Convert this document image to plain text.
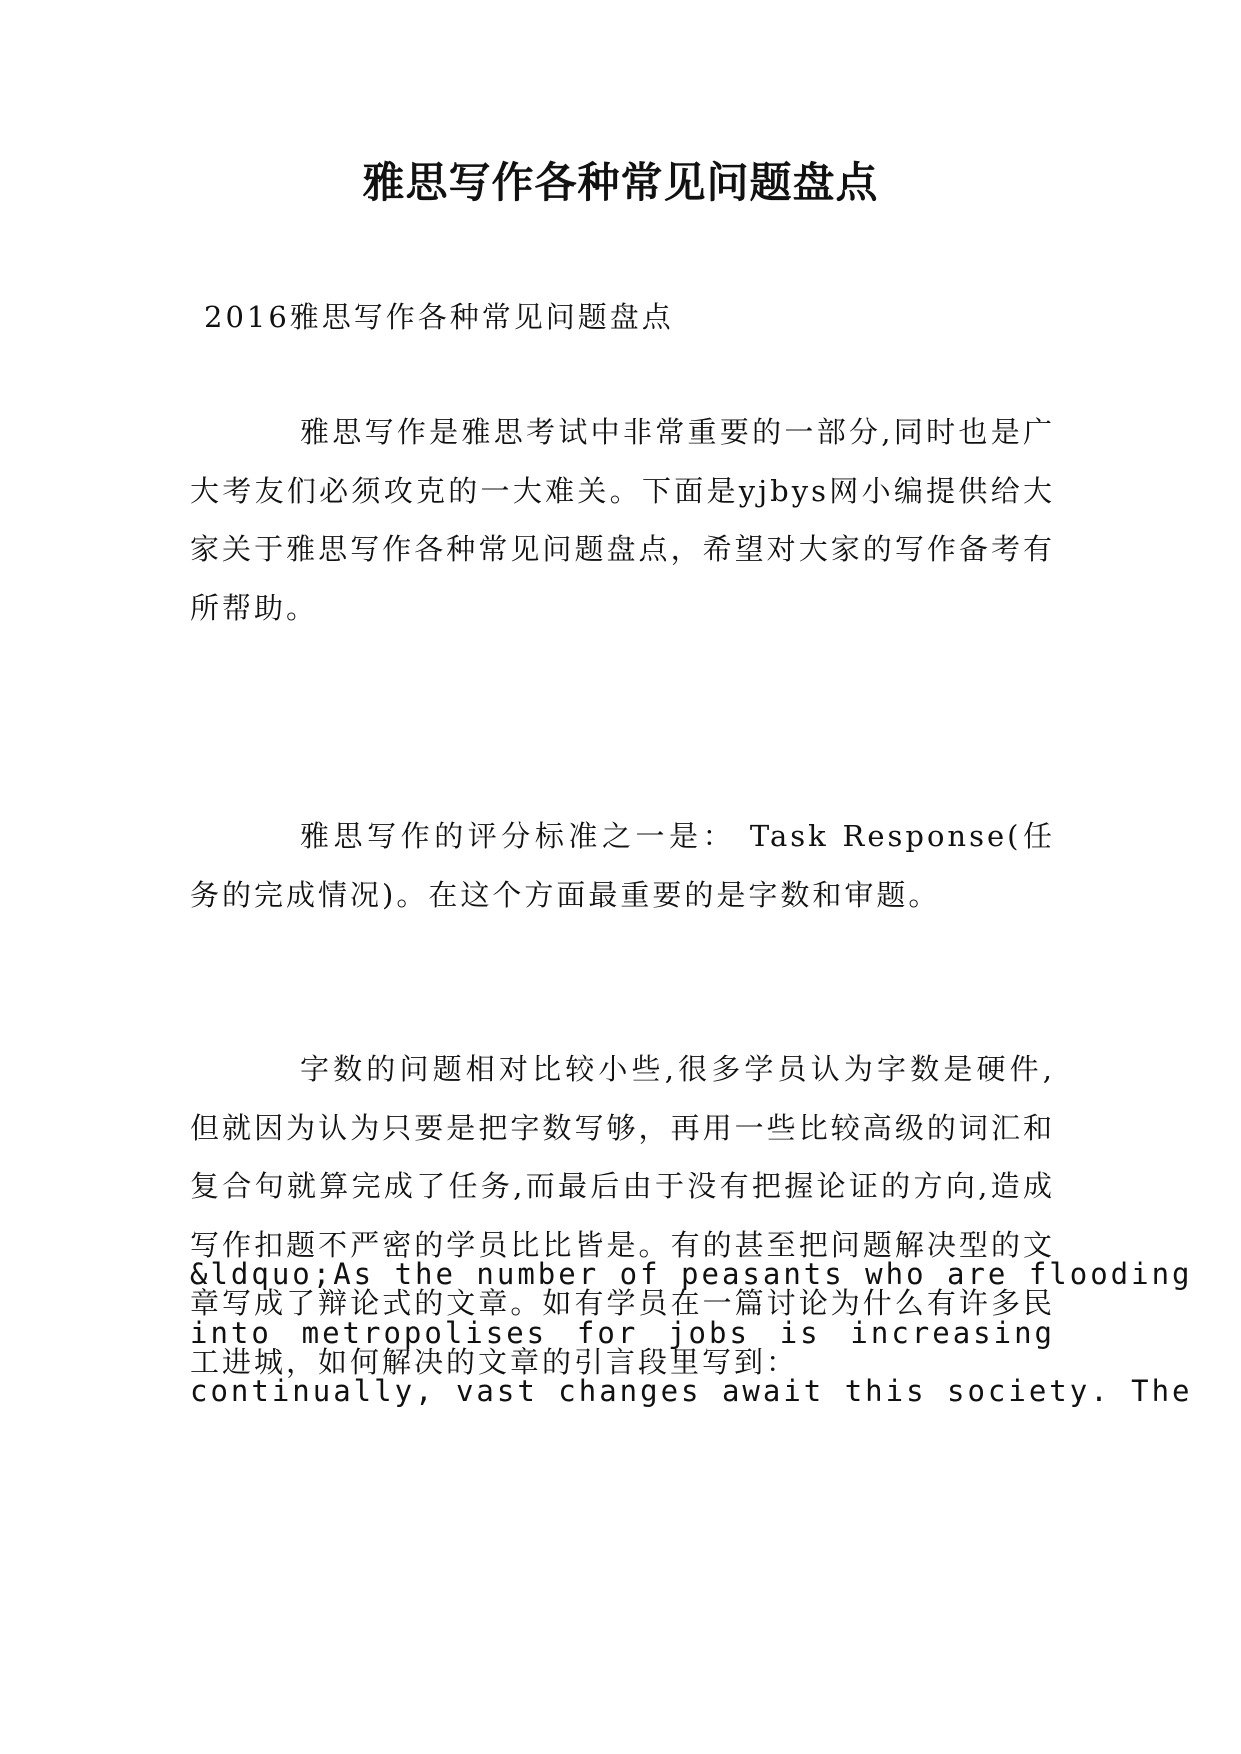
雅思写作各种常见问题盘点
2016雅思写作各种常见问题盘点

雅思写作是雅思考试中非常重要的一部分,同时也是广大考友们必须攻克的一大难关。下面是yjbys网小编提供给大家关于雅思写作各种常见问题盘点，希望对大家的写作备考有所帮助。

雅思写作的评分标准之一是： Task Response(任务的完成情况)。在这个方面最重要的是字数和审题。

字数的问题相对比较小些,很多学员认为字数是硬件,但就因为认为只要是把字数写够，再用一些比较高级的词汇和复合句就算完成了任务,而最后由于没有把握论证的方向,造成写作扣题不严密的学员比比皆是。有的甚至把问题解决型的文章写成了辩论式的文章。如有学员在一篇讨论为什么有许多民工进城，如何解决的文章的引言段里写到：

&ldquo;As the number of peasants who are flooding
into metropolises for jobs is increasing
continually, vast changes await this society. The
